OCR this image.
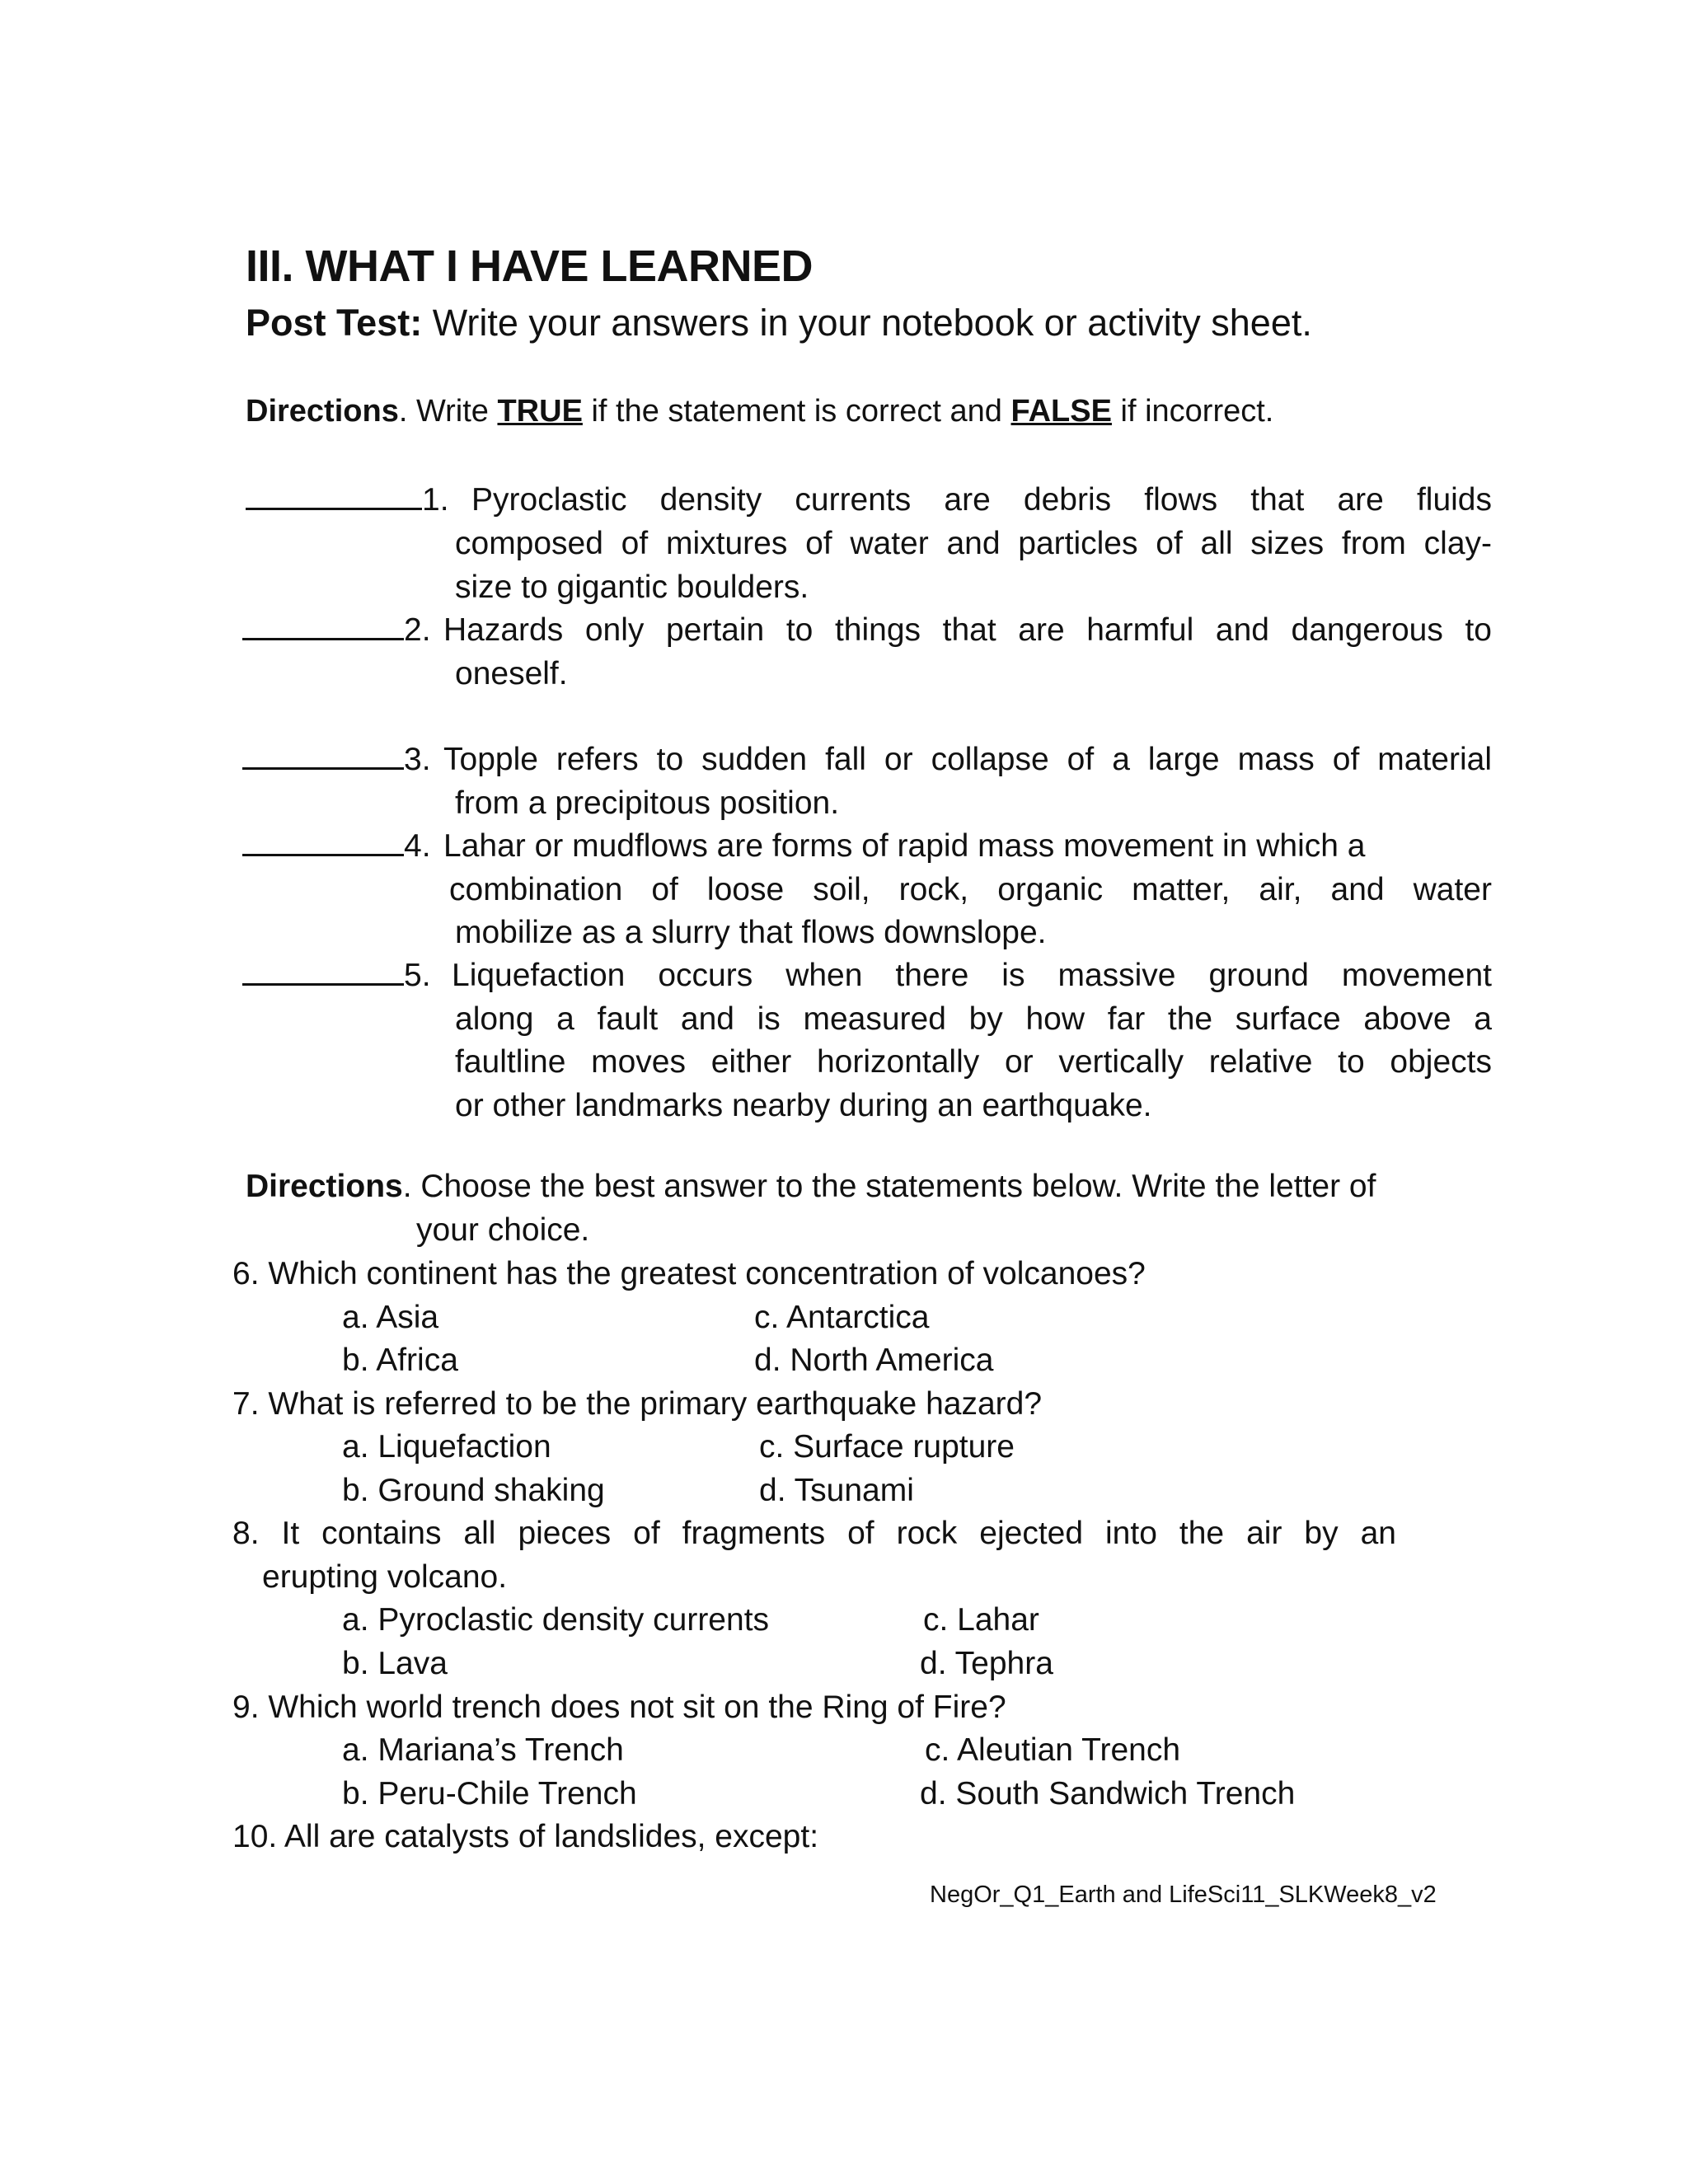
III. WHAT I HAVE LEARNED
Post Test: Write your answers in your notebook or activity sheet.
Directions. Write TRUE if the statement is correct and FALSE if incorrect.
1. Pyroclastic density currents are debris flows that are fluids
composed of mixtures of water and particles of all sizes from clay-
size to gigantic boulders.
2. Hazards only pertain to things that are harmful and dangerous to
oneself.
3. Topple refers to sudden fall or collapse of a large mass of material
from a precipitous position.
4. Lahar or mudflows are forms of rapid mass movement in which a
combination of loose soil, rock, organic matter, air, and water
mobilize as a slurry that flows downslope.
5. Liquefaction occurs when there is massive ground movement
along a fault and is measured by how far the surface above a
faultline moves either horizontally or vertically relative to objects
or other landmarks nearby during an earthquake.
Directions. Choose the best answer to the statements below. Write the letter of
your choice.
6. Which continent has the greatest concentration of volcanoes?
a. Asia	c. Antarctica
b. Africa	d. North America
7. What is referred to be the primary earthquake hazard?
a. Liquefaction	c. Surface rupture
b. Ground shaking	d. Tsunami
8. It contains all pieces of fragments of rock ejected into the air by an
erupting volcano.
a. Pyroclastic density currents	c. Lahar
b. Lava	d. Tephra
9. Which world trench does not sit on the Ring of Fire?
a. Mariana’s Trench	c. Aleutian Trench
b. Peru-Chile Trench	d. South Sandwich Trench
10. All are catalysts of landslides, except:
NegOr_Q1_Earth and LifeSci11_SLKWeek8_v2
